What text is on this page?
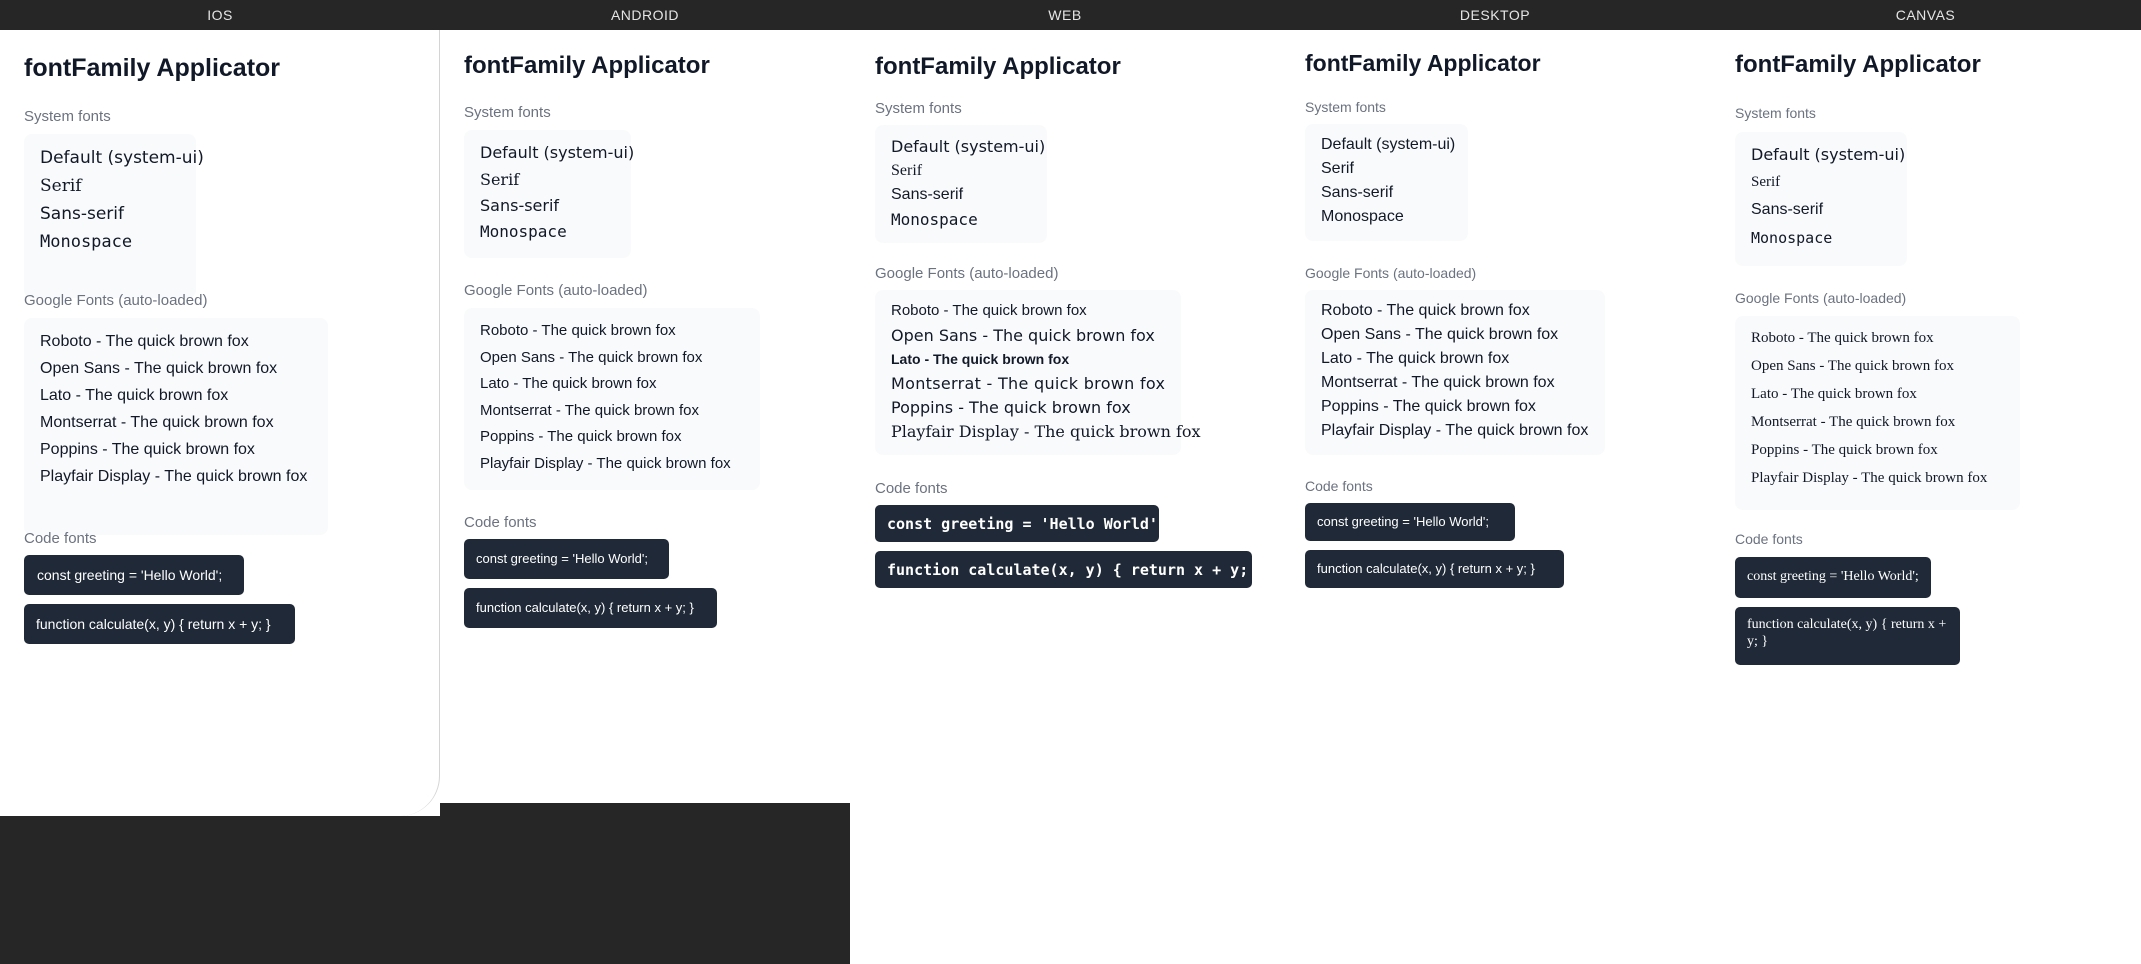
IOS	ANDROID	WEB	DESKTOP	CANVAS
fontFamily Applicator
System fonts
Default (system-ui)
Serif
Sans-serif
Monospace
Google Fonts (auto-loaded)
Roboto - The quick brown fox
Open Sans - The quick brown fox
Lato - The quick brown fox
Montserrat - The quick brown fox
Poppins - The quick brown fox
Playfair Display - The quick brown fox
Code fonts
const greeting = 'Hello World';
function calculate(x, y) { return x + y; }
fontFamily Applicator
System fonts
Default (system-ui)
Serif
Sans-serif
Monospace
Google Fonts (auto-loaded)
Roboto - The quick brown fox
Open Sans - The quick brown fox
Lato - The quick brown fox
Montserrat - The quick brown fox
Poppins - The quick brown fox
Playfair Display - The quick brown fox
Code fonts
const greeting = 'Hello World';
function calculate(x, y) { return x + y; }
fontFamily Applicator
System fonts
Default (system-ui)
Serif
Sans-serif
Monospace
Google Fonts (auto-loaded)
Roboto - The quick brown fox
Open Sans - The quick brown fox
Lato - The quick brown fox
Montserrat - The quick brown fox
Poppins - The quick brown fox
Playfair Display - The quick brown fox
Code fonts
const greeting = 'Hello World';
function calculate(x, y) { return x + y; }
fontFamily Applicator
System fonts
Default (system-ui)
Serif
Sans-serif
Monospace
Google Fonts (auto-loaded)
Roboto - The quick brown fox
Open Sans - The quick brown fox
Lato - The quick brown fox
Montserrat - The quick brown fox
Poppins - The quick brown fox
Playfair Display - The quick brown fox
Code fonts
const greeting = 'Hello World';
function calculate(x, y) { return x + y; }
fontFamily Applicator
System fonts
Default (system-ui)
Serif
Sans-serif
Monospace
Google Fonts (auto-loaded)
Roboto - The quick brown fox
Open Sans - The quick brown fox
Lato - The quick brown fox
Montserrat - The quick brown fox
Poppins - The quick brown fox
Playfair Display - The quick brown fox
Code fonts
const greeting = 'Hello World';
function calculate(x, y) { return x + y; }
